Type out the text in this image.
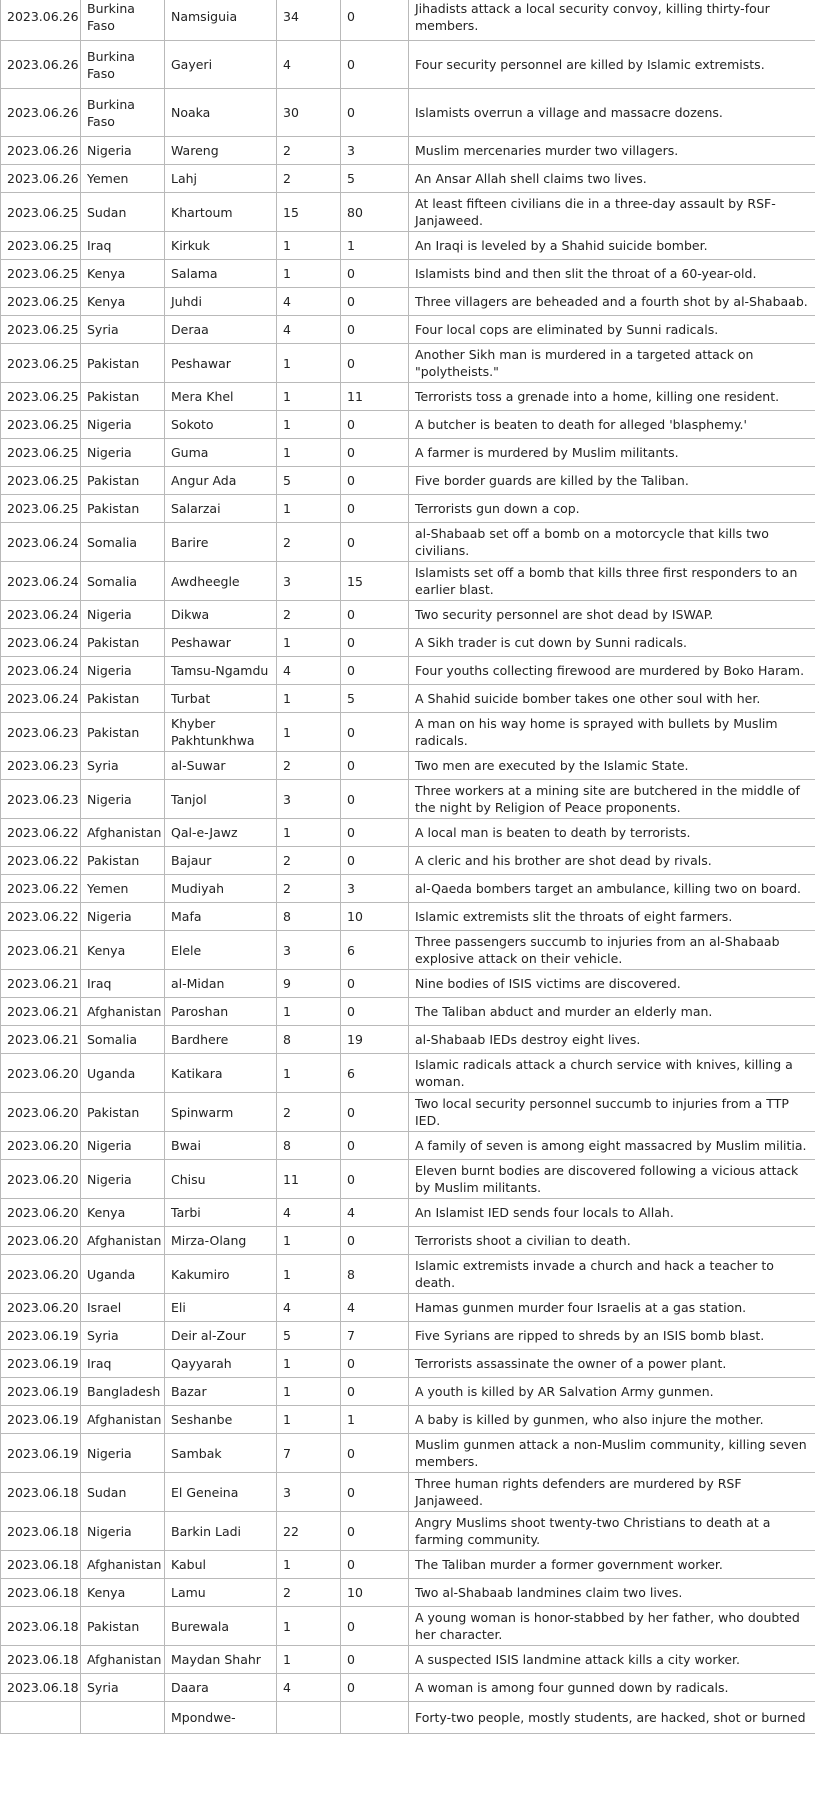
2023.06.26	Burkina Faso	Namsiguia	34	0	Jihadists attack a local security convoy, killing thirty-four members.
2023.06.26	Burkina Faso	Gayeri	4	0	Four security personnel are killed by Islamic extremists.
2023.06.26	Burkina Faso	Noaka	30	0	Islamists overrun a village and massacre dozens.
2023.06.26	Nigeria	Wareng	2	3	Muslim mercenaries murder two villagers.
2023.06.26	Yemen	Lahj	2	5	An Ansar Allah shell claims two lives.
2023.06.25	Sudan	Khartoum	15	80	At least fifteen civilians die in a three-day assault by RSF-Janjaweed.
2023.06.25	Iraq	Kirkuk	1	1	An Iraqi is leveled by a Shahid suicide bomber.
2023.06.25	Kenya	Salama	1	0	Islamists bind and then slit the throat of a 60-year-old.
2023.06.25	Kenya	Juhdi	4	0	Three villagers are beheaded and a fourth shot by al-Shabaab.
2023.06.25	Syria	Deraa	4	0	Four local cops are eliminated by Sunni radicals.
2023.06.25	Pakistan	Peshawar	1	0	Another Sikh man is murdered in a targeted attack on "polytheists."
2023.06.25	Pakistan	Mera Khel	1	11	Terrorists toss a grenade into a home, killing one resident.
2023.06.25	Nigeria	Sokoto	1	0	A butcher is beaten to death for alleged 'blasphemy.'
2023.06.25	Nigeria	Guma	1	0	A farmer is murdered by Muslim militants.
2023.06.25	Pakistan	Angur Ada	5	0	Five border guards are killed by the Taliban.
2023.06.25	Pakistan	Salarzai	1	0	Terrorists gun down a cop.
2023.06.24	Somalia	Barire	2	0	al-Shabaab set off a bomb on a motorcycle that kills two civilians.
2023.06.24	Somalia	Awdheegle	3	15	Islamists set off a bomb that kills three first responders to an earlier blast.
2023.06.24	Nigeria	Dikwa	2	0	Two security personnel are shot dead by ISWAP.
2023.06.24	Pakistan	Peshawar	1	0	A Sikh trader is cut down by Sunni radicals.
2023.06.24	Nigeria	Tamsu-Ngamdu	4	0	Four youths collecting firewood are murdered by Boko Haram.
2023.06.24	Pakistan	Turbat	1	5	A Shahid suicide bomber takes one other soul with her.
2023.06.23	Pakistan	Khyber Pakhtunkhwa	1	0	A man on his way home is sprayed with bullets by Muslim radicals.
2023.06.23	Syria	al-Suwar	2	0	Two men are executed by the Islamic State.
2023.06.23	Nigeria	Tanjol	3	0	Three workers at a mining site are butchered in the middle of the night by Religion of Peace proponents.
2023.06.22	Afghanistan	Qal-e-Jawz	1	0	A local man is beaten to death by terrorists.
2023.06.22	Pakistan	Bajaur	2	0	A cleric and his brother are shot dead by rivals.
2023.06.22	Yemen	Mudiyah	2	3	al-Qaeda bombers target an ambulance, killing two on board.
2023.06.22	Nigeria	Mafa	8	10	Islamic extremists slit the throats of eight farmers.
2023.06.21	Kenya	Elele	3	6	Three passengers succumb to injuries from an al-Shabaab explosive attack on their vehicle.
2023.06.21	Iraq	al-Midan	9	0	Nine bodies of ISIS victims are discovered.
2023.06.21	Afghanistan	Paroshan	1	0	The Taliban abduct and murder an elderly man.
2023.06.21	Somalia	Bardhere	8	19	al-Shabaab IEDs destroy eight lives.
2023.06.20	Uganda	Katikara	1	6	Islamic radicals attack a church service with knives, killing a woman.
2023.06.20	Pakistan	Spinwarm	2	0	Two local security personnel succumb to injuries from a TTP IED.
2023.06.20	Nigeria	Bwai	8	0	A family of seven is among eight massacred by Muslim militia.
2023.06.20	Nigeria	Chisu	11	0	Eleven burnt bodies are discovered following a vicious attack by Muslim militants.
2023.06.20	Kenya	Tarbi	4	4	An Islamist IED sends four locals to Allah.
2023.06.20	Afghanistan	Mirza-Olang	1	0	Terrorists shoot a civilian to death.
2023.06.20	Uganda	Kakumiro	1	8	Islamic extremists invade a church and hack a teacher to death.
2023.06.20	Israel	Eli	4	4	Hamas gunmen murder four Israelis at a gas station.
2023.06.19	Syria	Deir al-Zour	5	7	Five Syrians are ripped to shreds by an ISIS bomb blast.
2023.06.19	Iraq	Qayyarah	1	0	Terrorists assassinate the owner of a power plant.
2023.06.19	Bangladesh	Bazar	1	0	A youth is killed by AR Salvation Army gunmen.
2023.06.19	Afghanistan	Seshanbe	1	1	A baby is killed by gunmen, who also injure the mother.
2023.06.19	Nigeria	Sambak	7	0	Muslim gunmen attack a non-Muslim community, killing seven members.
2023.06.18	Sudan	El Geneina	3	0	Three human rights defenders are murdered by RSF Janjaweed.
2023.06.18	Nigeria	Barkin Ladi	22	0	Angry Muslims shoot twenty-two Christians to death at a farming community.
2023.06.18	Afghanistan	Kabul	1	0	The Taliban murder a former government worker.
2023.06.18	Kenya	Lamu	2	10	Two al-Shabaab landmines claim two lives.
2023.06.18	Pakistan	Burewala	1	0	A young woman is honor-stabbed by her father, who doubted her character.
2023.06.18	Afghanistan	Maydan Shahr	1	0	A suspected ISIS landmine attack kills a city worker.
2023.06.18	Syria	Daara	4	0	A woman is among four gunned down by radicals.
		Mpondwe-			Forty-two people, mostly students, are hacked, shot or burned
